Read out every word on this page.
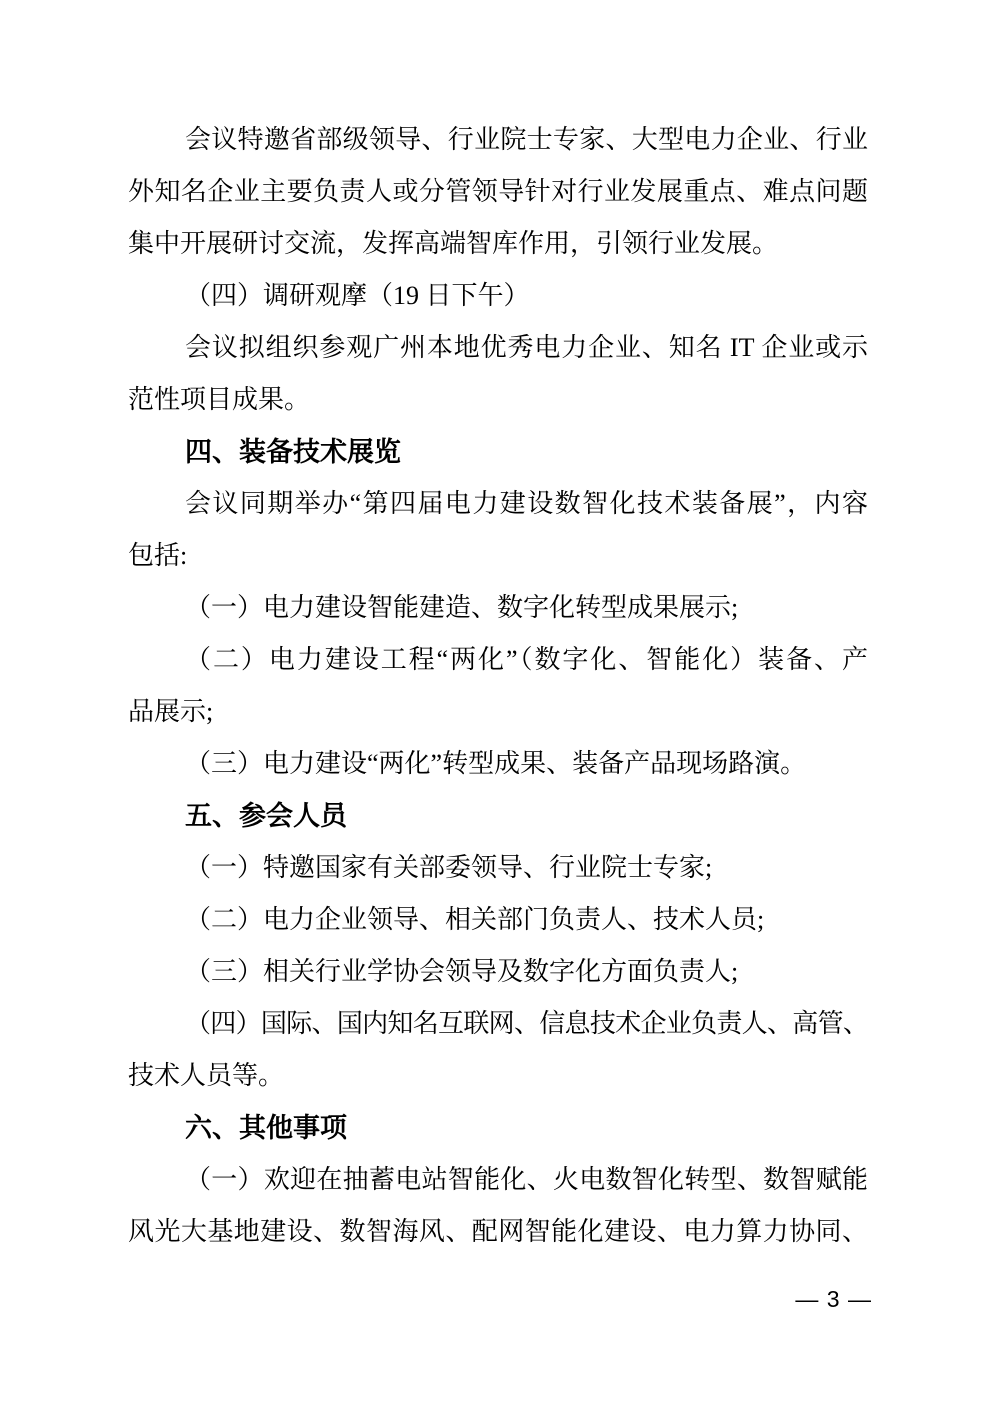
会议特邀省部级领导、行业院士专家、大型电力企业、行业
外知名企业主要负责人或分管领导针对行业发展重点、难点问题
集中开展研讨交流，发挥高端智库作用，引领行业发展。
（四）调研观摩（19 日下午）
会议拟组织参观广州本地优秀电力企业、知名 IT 企业或示
范性项目成果。
四、装备技术展览
会议同期举办“第四届电力建设数智化技术装备展”，内容
包括:
（一）电力建设智能建造、数字化转型成果展示;
（二）电力建设工程“两化”（数字化、智能化）装备、产
品展示;
（三）电力建设“两化”转型成果、装备产品现场路演。
五、参会人员
（一）特邀国家有关部委领导、行业院士专家;
（二）电力企业领导、相关部门负责人、技术人员;
（三）相关行业学协会领导及数字化方面负责人;
（四）国际、国内知名互联网、信息技术企业负责人、高管、
技术人员等。
六、其他事项
（一）欢迎在抽蓄电站智能化、火电数智化转型、数智赋能
风光大基地建设、数智海风、配网智能化建设、电力算力协同、
— 3 —
